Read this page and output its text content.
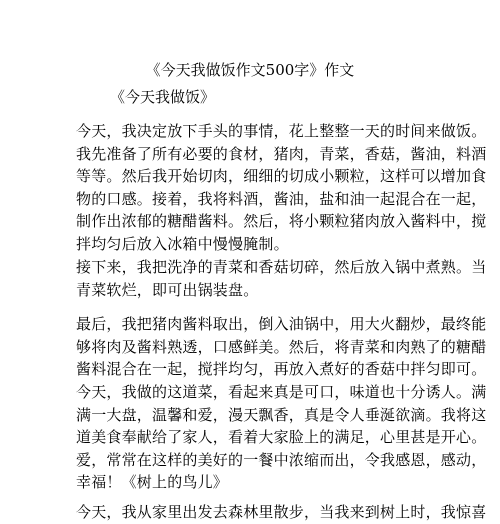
《今天我做饭作文500字》作文
《今天我做饭》
今天，我决定放下手头的事情，花上整整一天的时间来做饭。
我先准备了所有必要的食材，猪肉，青菜，香菇，酱油，料酒
等等。然后我开始切肉，细细的切成小颗粒，这样可以增加食
物的口感。接着，我将料酒，酱油，盐和油一起混合在一起，
制作出浓郁的糖醋酱料。然后，将小颗粒猪肉放入酱料中，搅
拌均匀后放入冰箱中慢慢腌制。
接下来，我把洗净的青菜和香菇切碎，然后放入锅中煮熟。当
青菜软烂，即可出锅装盘。
最后，我把猪肉酱料取出，倒入油锅中，用大火翻炒，最终能
够将肉及酱料熟透，口感鲜美。然后，将青菜和肉熟了的糖醋
酱料混合在一起，搅拌均匀，再放入煮好的香菇中拌匀即可。
今天，我做的这道菜，看起来真是可口，味道也十分诱人。满
满一大盘，温馨和爱，漫天飘香，真是令人垂涎欲滴。我将这
道美食奉献给了家人，看着大家脸上的满足，心里甚是开心。
爱，常常在这样的美好的一餐中浓缩而出，令我感恩，感动，
幸福！《树上的鸟儿》
今天，我从家里出发去森林里散步，当我来到树上时，我惊喜
